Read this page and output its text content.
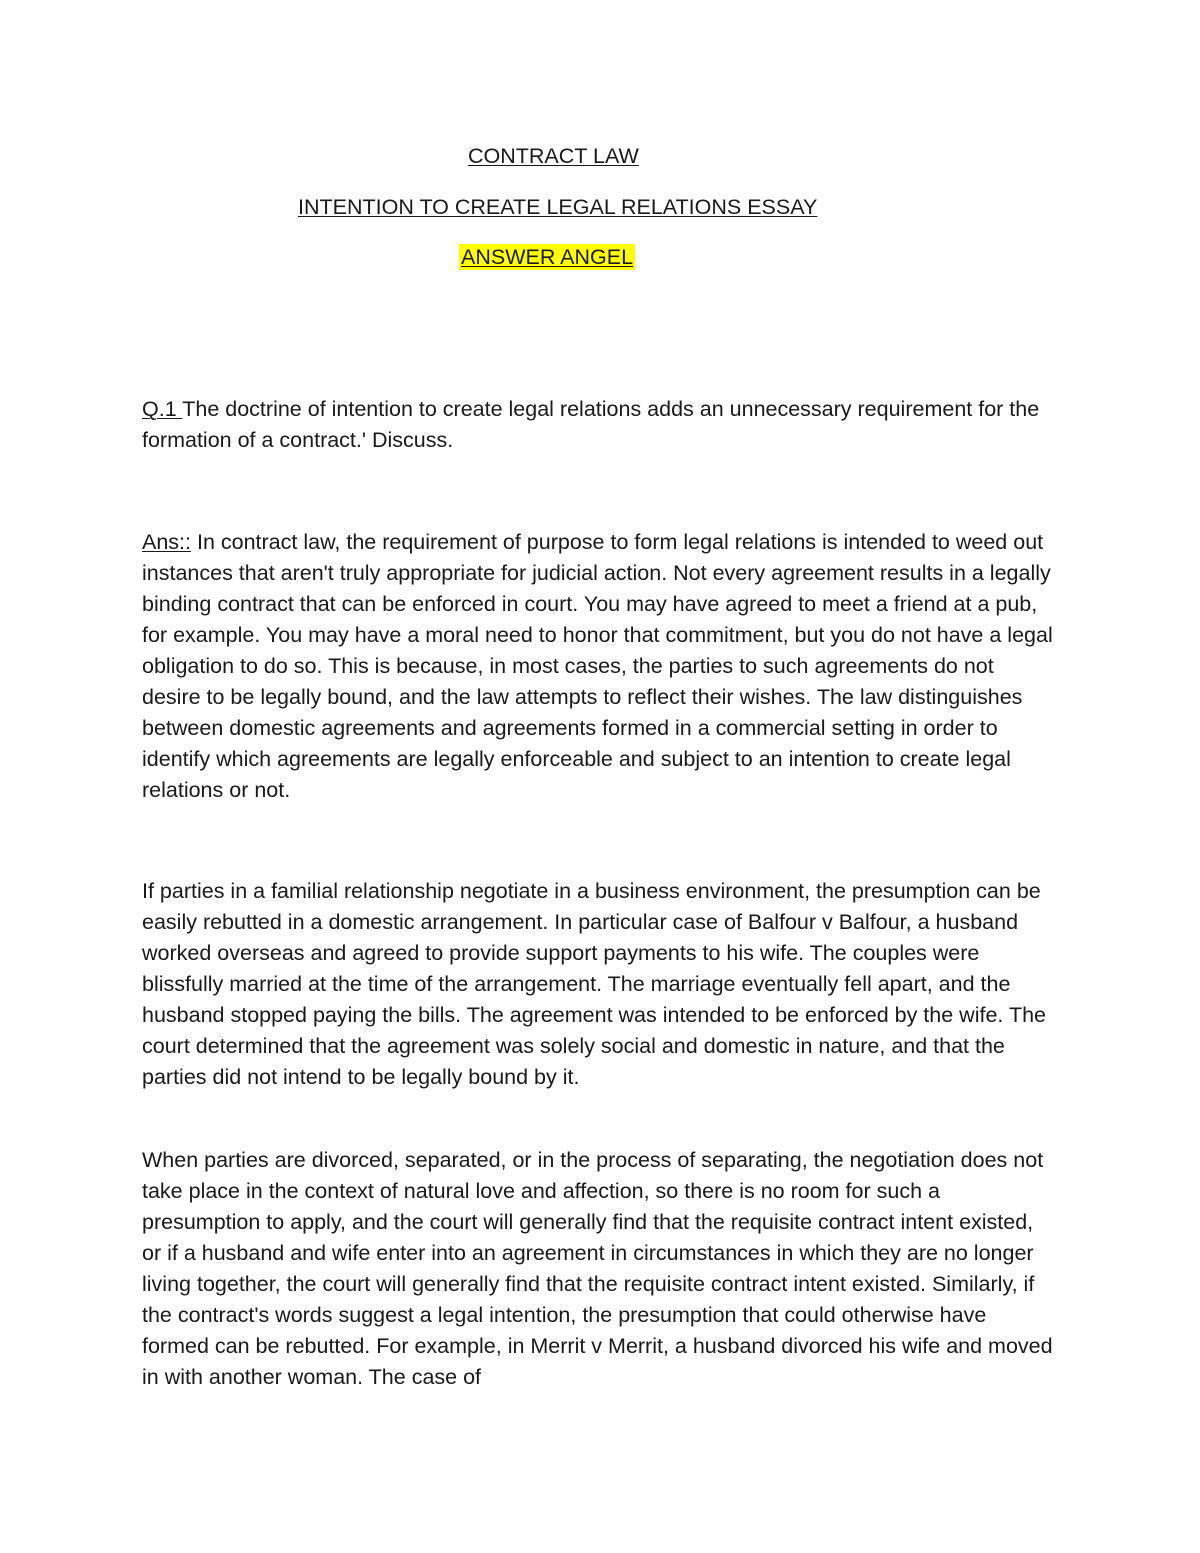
CONTRACT LAW
INTENTION TO CREATE LEGAL RELATIONS ESSAY
ANSWER ANGEL

Q.1 The doctrine of intention to create legal relations adds an unnecessary requirement for the formation of a contract.' Discuss.

Ans:: In contract law, the requirement of purpose to form legal relations is intended to weed out instances that aren't truly appropriate for judicial action. Not every agreement results in a legally binding contract that can be enforced in court. You may have agreed to meet a friend at a pub, for example. You may have a moral need to honor that commitment, but you do not have a legal obligation to do so. This is because, in most cases, the parties to such agreements do not desire to be legally bound, and the law attempts to reflect their wishes. The law distinguishes between domestic agreements and agreements formed in a commercial setting in order to identify which agreements are legally enforceable and subject to an intention to create legal relations or not.

If parties in a familial relationship negotiate in a business environment, the presumption can be easily rebutted in a domestic arrangement. In particular case of Balfour v Balfour, a husband worked overseas and agreed to provide support payments to his wife. The couples were blissfully married at the time of the arrangement. The marriage eventually fell apart, and the husband stopped paying the bills. The agreement was intended to be enforced by the wife. The court determined that the agreement was solely social and domestic in nature, and that the parties did not intend to be legally bound by it.

When parties are divorced, separated, or in the process of separating, the negotiation does not take place in the context of natural love and affection, so there is no room for such a presumption to apply, and the court will generally find that the requisite contract intent existed, or if a husband and wife enter into an agreement in circumstances in which they are no longer living together, the court will generally find that the requisite contract intent existed. Similarly, if the contract's words suggest a legal intention, the presumption that could otherwise have formed can be rebutted. For example, in Merrit v Merrit, a husband divorced his wife and moved in with another woman. The case of
